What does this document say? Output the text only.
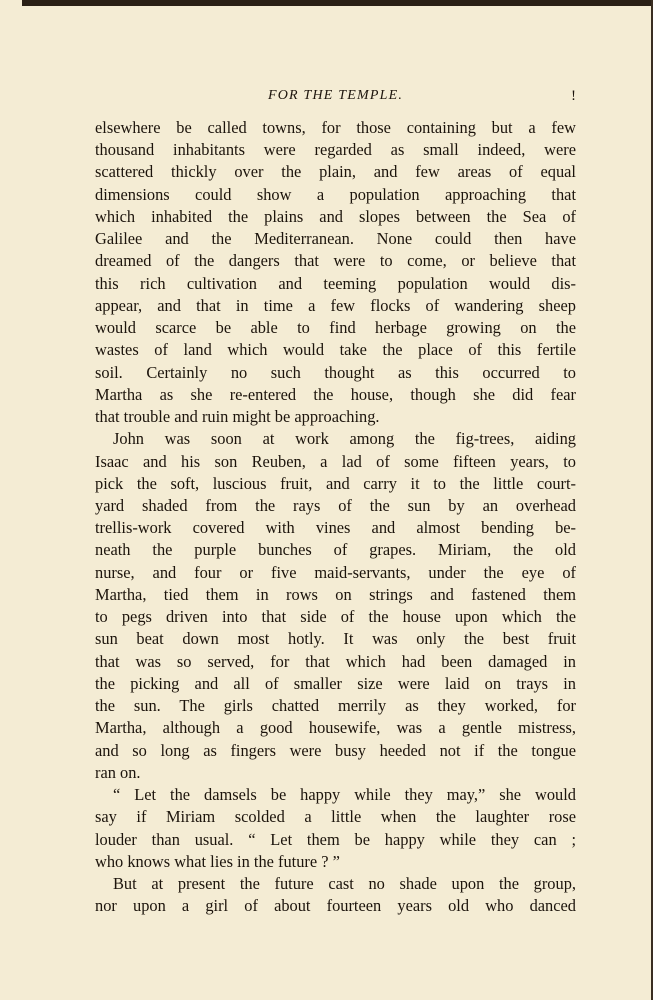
FOR THE TEMPLE.	!
elsewhere be called towns, for those containing but a few
thousand inhabitants were regarded as small indeed, were
scattered thickly over the plain, and few areas of equal
dimensions could show a population approaching that
which inhabited the plains and slopes between the Sea of
Galilee and the Mediterranean. None could then have
dreamed of the dangers that were to come, or believe that
this rich cultivation and teeming population would dis-
appear, and that in time a few flocks of wandering sheep
would scarce be able to find herbage growing on the
wastes of land which would take the place of this fertile
soil. Certainly no such thought as this occurred to
Martha as she re-entered the house, though she did fear
that trouble and ruin might be approaching.
John was soon at work among the fig-trees, aiding
Isaac and his son Reuben, a lad of some fifteen years, to
pick the soft, luscious fruit, and carry it to the little court-
yard shaded from the rays of the sun by an overhead
trellis-work covered with vines and almost bending be-
neath the purple bunches of grapes. Miriam, the old
nurse, and four or five maid-servants, under the eye of
Martha, tied them in rows on strings and fastened them
to pegs driven into that side of the house upon which the
sun beat down most hotly. It was only the best fruit
that was so served, for that which had been damaged in
the picking and all of smaller size were laid on trays in
the sun. The girls chatted merrily as they worked, for
Martha, although a good housewife, was a gentle mistress,
and so long as fingers were busy heeded not if the tongue
ran on.
“ Let the damsels be happy while they may,” she would
say if Miriam scolded a little when the laughter rose
louder than usual. “ Let them be happy while they can ;
who knows what lies in the future ? ”
But at present the future cast no shade upon the group,
nor upon a girl of about fourteen years old who danced
